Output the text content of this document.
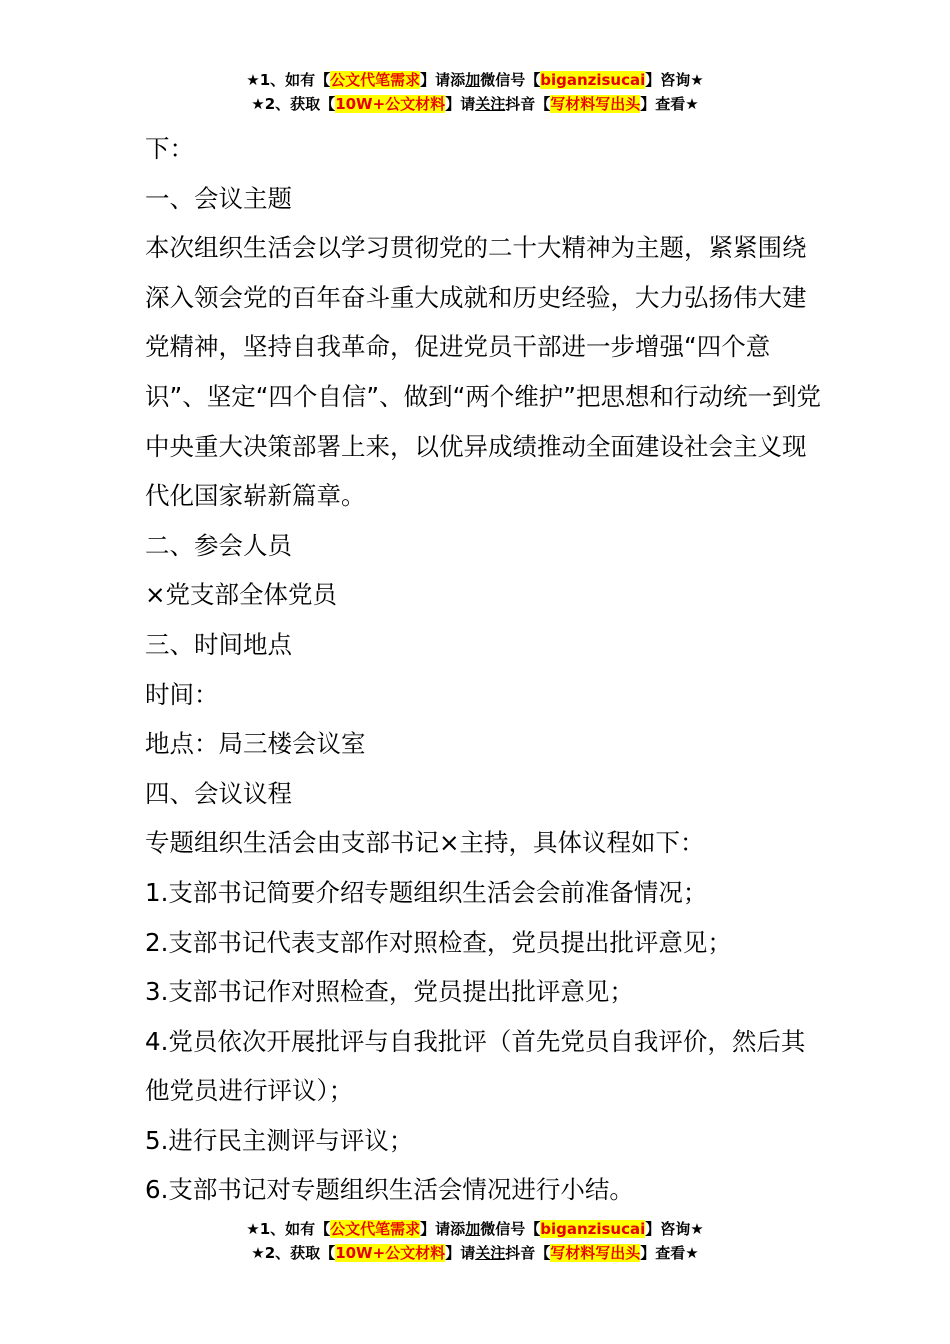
★1、如有【公文代笔需求】请添加微信号【biganzisucai】咨询★
★2、获取【10W+公文材料】请关注抖音【写材料写出头】查看★

下：

一、会议主题

本次组织生活会以学习贯彻党的二十大精神为主题，紧紧围绕深入领会党的百年奋斗重大成就和历史经验，大力弘扬伟大建党精神，坚持自我革命，促进党员干部进一步增强“四个意识”、坚定“四个自信”、做到“两个维护”把思想和行动统一到党中央重大决策部署上来，以优异成绩推动全面建设社会主义现代化国家崭新篇章。

二、参会人员

×党支部全体党员

三、时间地点

时间：

地点：局三楼会议室

四、会议议程

专题组织生活会由支部书记×主持，具体议程如下：

1.支部书记简要介绍专题组织生活会会前准备情况；

2.支部书记代表支部作对照检查，党员提出批评意见；

3.支部书记作对照检查，党员提出批评意见；

4.党员依次开展批评与自我批评（首先党员自我评价，然后其他党员进行评议）；

5.进行民主测评与评议；

6.支部书记对专题组织生活会情况进行小结。

★1、如有【公文代笔需求】请添加微信号【biganzisucai】咨询★
★2、获取【10W+公文材料】请关注抖音【写材料写出头】查看★
